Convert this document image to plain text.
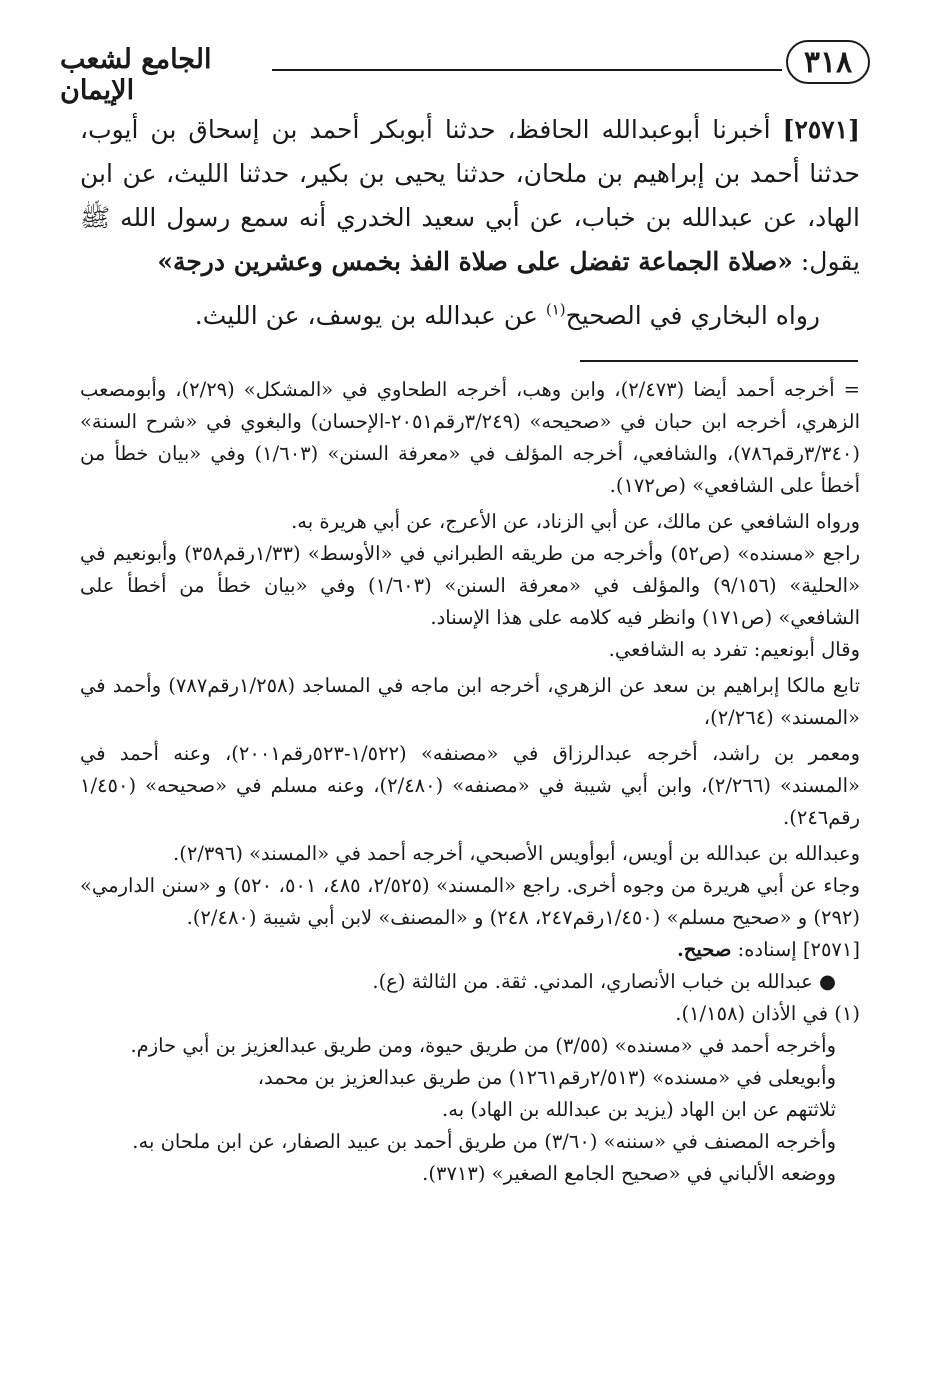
٣١٨
الجامع لشعب الإيمان

[٢٥٧١] أخبرنا أبوعبدالله الحافظ، حدثنا أبوبكر أحمد بن إسحاق بن أيوب، حدثنا أحمد بن إبراهيم بن ملحان، حدثنا يحيى بن بكير، حدثنا الليث، عن ابن الهاد، عن عبدالله بن خباب، عن أبي سعيد الخدري أنه سمع رسول الله ﷺ يقول: «صلاة الجماعة تفضل على صلاة الفذ بخمس وعشرين درجة»

رواه البخاري في الصحيح$^{(١)}$ عن عبدالله بن يوسف، عن الليث.

= أخرجه أحمد أيضا (٢/٤٧٣)، وابن وهب، أخرجه الطحاوي في «المشكل» (٢/٢٩)، وأبومصعب الزهري، أخرجه ابن حبان في «صحيحه» (٣/٢٤٩رقم٢٠٥١-الإحسان) والبغوي في «شرح السنة» (٣/٣٤٠رقم٧٨٦)، والشافعي، أخرجه المؤلف في «معرفة السنن» (١/٦٠٣) وفي «بيان خطأ من أخطأ على الشافعي» (ص١٧٢).

ورواه الشافعي عن مالك، عن أبي الزناد، عن الأعرج، عن أبي هريرة به.

راجع «مسنده» (ص٥٢) وأخرجه من طريقه الطبراني في «الأوسط» (١/٣٣رقم٣٥٨) وأبونعيم في «الحلية» (٩/١٥٦) والمؤلف في «معرفة السنن» (١/٦٠٣) وفي «بيان خطأ من أخطأ على الشافعي» (ص١٧١) وانظر فيه كلامه على هذا الإسناد.

وقال أبونعيم: تفرد به الشافعي.

تابع مالكا إبراهيم بن سعد عن الزهري، أخرجه ابن ماجه في المساجد (١/٢٥٨رقم٧٨٧) وأحمد في «المسند» (٢/٢٦٤)،

ومعمر بن راشد، أخرجه عبدالرزاق في «مصنفه» (١/٥٢٢-٥٢٣رقم٢٠٠١)، وعنه أحمد في «المسند» (٢/٢٦٦)، وابن أبي شيبة في «مصنفه» (٢/٤٨٠)، وعنه مسلم في «صحيحه» (١/٤٥٠ رقم٢٤٦).

وعبدالله بن عبدالله بن أويس، أبوأويس الأصبحي، أخرجه أحمد في «المسند» (٢/٣٩٦).

وجاء عن أبي هريرة من وجوه أخرى. راجع «المسند» (٢/٥٢٥، ٤٨٥، ٥٠١، ٥٢٠) و «سنن الدارمي» (٢٩٢) و «صحيح مسلم» (١/٤٥٠رقم٢٤٧، ٢٤٨) و «المصنف» لابن أبي شيبة (٢/٤٨٠).

[٢٥٧١] إسناده: صحيح.

● عبدالله بن خباب الأنصاري، المدني. ثقة. من الثالثة (ع).

(١) في الأذان (١/١٥٨).

وأخرجه أحمد في «مسنده» (٣/٥٥) من طريق حيوة، ومن طريق عبدالعزيز بن أبي حازم.

وأبويعلى في «مسنده» (٢/٥١٣رقم١٢٦١) من طريق عبدالعزيز بن محمد،

ثلاثتهم عن ابن الهاد (يزيد بن عبدالله بن الهاد) به.

وأخرجه المصنف في «سننه» (٣/٦٠) من طريق أحمد بن عبيد الصفار، عن ابن ملحان به.

ووضعه الألباني في «صحيح الجامع الصغير» (٣٧١٣).
